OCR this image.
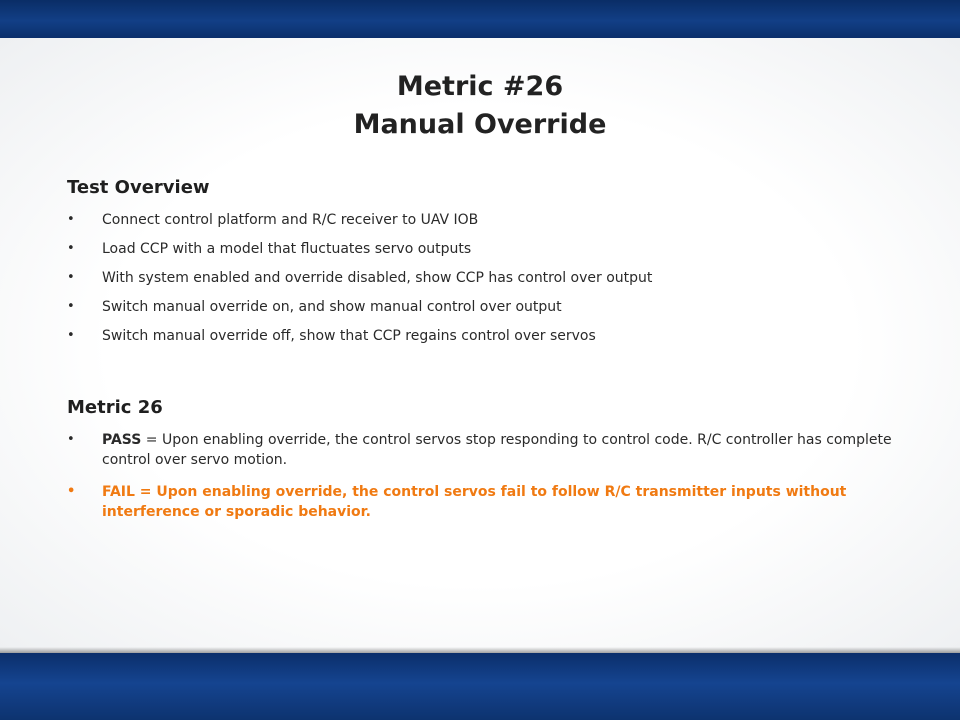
Metric #26
Manual Override
Test Overview
• Connect control platform and R/C receiver to UAV IOB
• Load CCP with a model that fluctuates servo outputs
• With system enabled and override disabled, show CCP has control over output
• Switch manual override on, and show manual control over output
• Switch manual override off, show that CCP regains control over servos
Metric 26
• PASS = Upon enabling override, the control servos stop responding to control code. R/C controller has complete control over servo motion.
• FAIL = Upon enabling override, the control servos fail to follow R/C transmitter inputs without interference or sporadic behavior.
